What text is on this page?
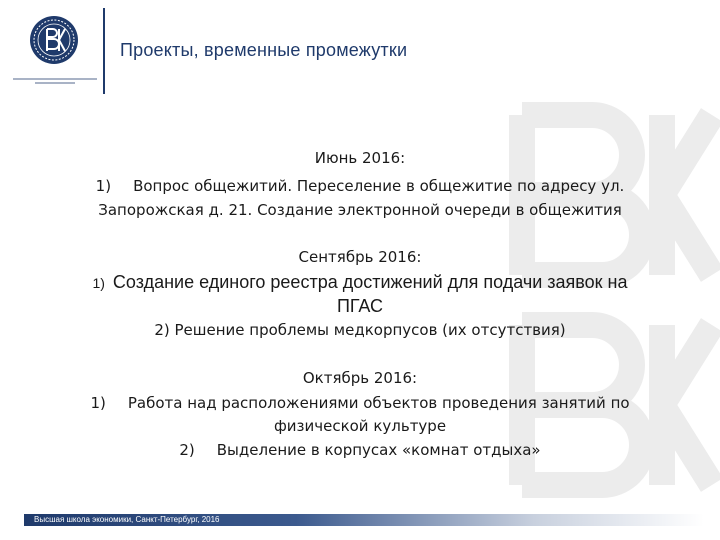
Проекты, временные промежутки
Июнь 2016:
1) Вопрос общежитий. Переселение в общежитие по адресу ул.
Запорожская д. 21. Создание электронной очереди в общежития
Сентябрь 2016:
1) Создание единого реестра достижений для подачи заявок на
ПГАС
2) Решение проблемы медкорпусов (их отсутствия)
Октябрь 2016:
1) Работа над расположениями объектов проведения занятий по
физической культуре
2) Выделение в корпусах «комнат отдыха»
Высшая школа экономики, Санкт-Петербург, 2016
